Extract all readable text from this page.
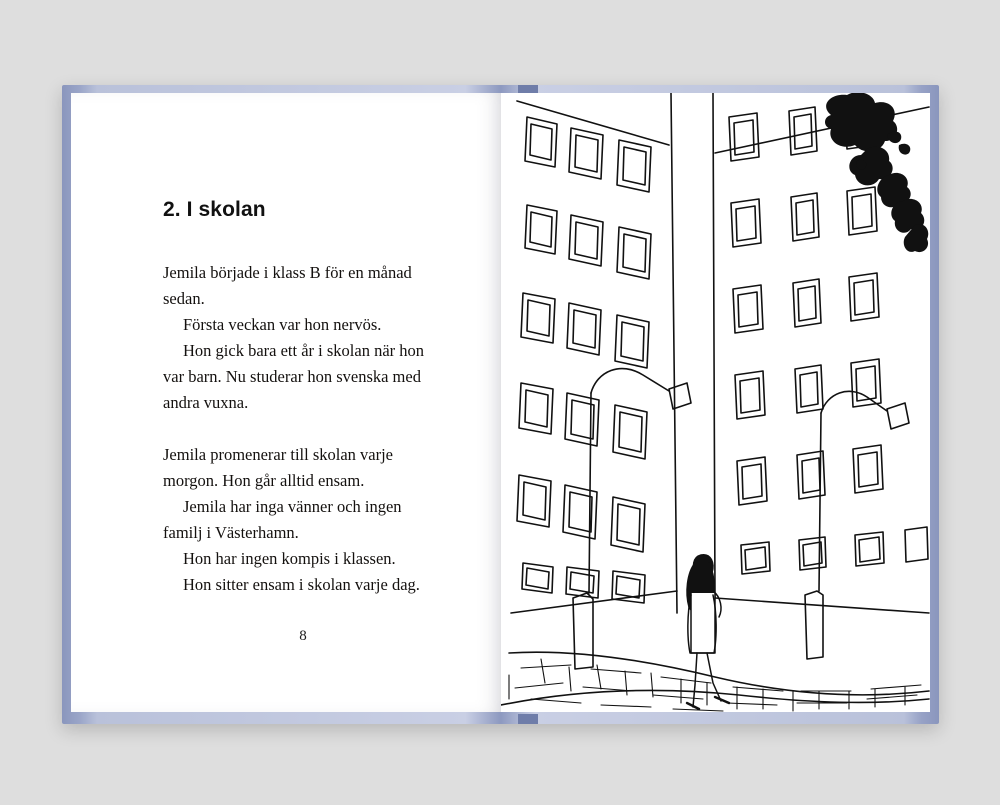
2. I skolan

Jemila började i klass B för en månad sedan.

Första veckan var hon nervös.

Hon gick bara ett år i skolan när hon var barn. Nu studerar hon svenska med andra vuxna.

Jemila promenerar till skolan varje morgon. Hon går alltid ensam.

Jemila har inga vänner och ingen familj i Västerhamn.

Hon har ingen kompis i klassen.

Hon sitter ensam i skolan varje dag.

8
